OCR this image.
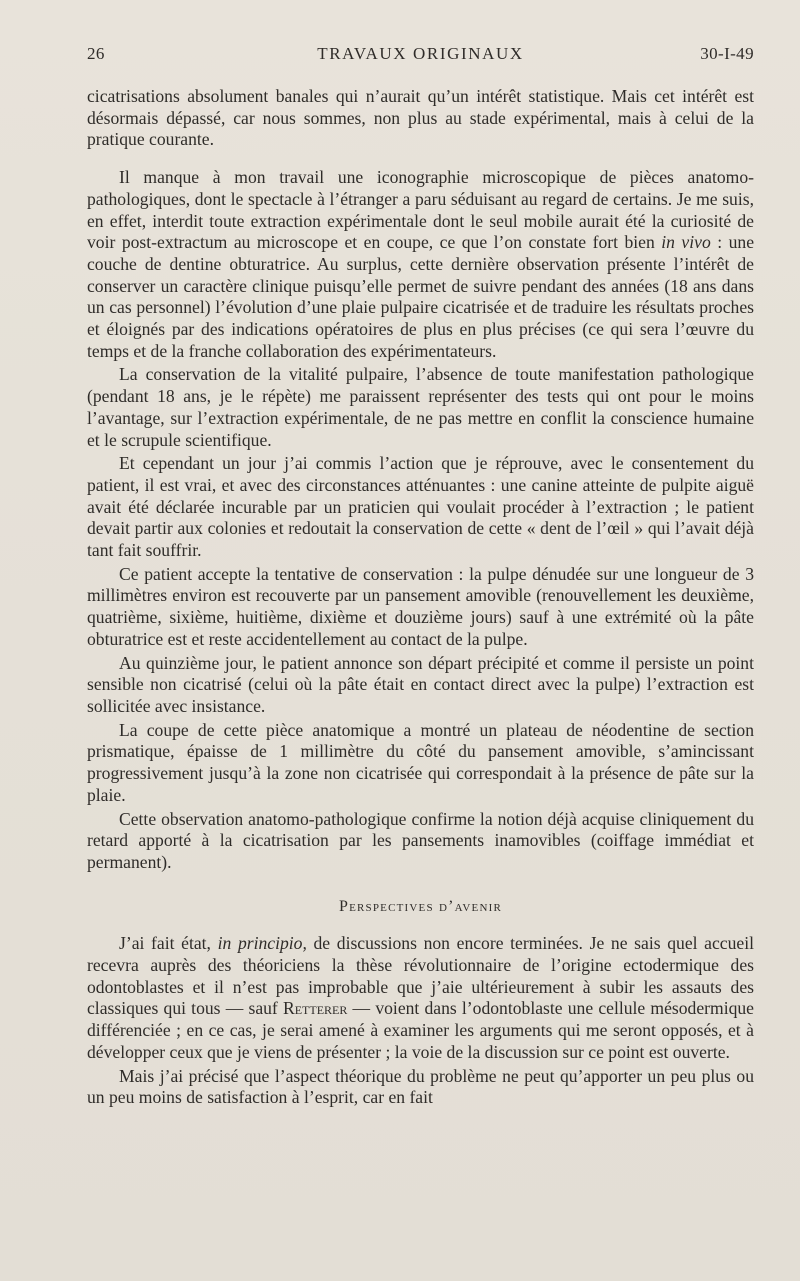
26	TRAVAUX ORIGINAUX	30-I-49

cicatrisations absolument banales qui n’aurait qu’un intérêt statistique. Mais cet intérêt est désormais dépassé, car nous sommes, non plus au stade expérimental, mais à celui de la pratique courante.

Il manque à mon travail une iconographie microscopique de pièces anatomo-pathologiques, dont le spectacle à l’étranger a paru séduisant au regard de certains. Je me suis, en effet, interdit toute extraction expérimentale dont le seul mobile aurait été la curiosité de voir post-extractum au microscope et en coupe, ce que l’on constate fort bien in vivo : une couche de dentine obturatrice. Au surplus, cette dernière observation présente l’intérêt de conserver un caractère clinique puisqu’elle permet de suivre pendant des années (18 ans dans un cas personnel) l’évolution d’une plaie pulpaire cicatrisée et de traduire les résultats proches et éloignés par des indications opératoires de plus en plus précises (ce qui sera l’œuvre du temps et de la franche collaboration des expérimentateurs.

La conservation de la vitalité pulpaire, l’absence de toute manifestation pathologique (pendant 18 ans, je le répète) me paraissent représenter des tests qui ont pour le moins l’avantage, sur l’extraction expérimentale, de ne pas mettre en conflit la conscience humaine et le scrupule scientifique.

Et cependant un jour j’ai commis l’action que je réprouve, avec le consentement du patient, il est vrai, et avec des circonstances atténuantes : une canine atteinte de pulpite aiguë avait été déclarée incurable par un praticien qui voulait procéder à l’extraction ; le patient devait partir aux colonies et redoutait la conservation de cette « dent de l’œil » qui l’avait déjà tant fait souffrir.

Ce patient accepte la tentative de conservation : la pulpe dénudée sur une longueur de 3 millimètres environ est recouverte par un pansement amovible (renouvellement les deuxième, quatrième, sixième, huitième, dixième et douzième jours) sauf à une extrémité où la pâte obturatrice est et reste accidentellement au contact de la pulpe.

Au quinzième jour, le patient annonce son départ précipité et comme il persiste un point sensible non cicatrisé (celui où la pâte était en contact direct avec la pulpe) l’extraction est sollicitée avec insistance.

La coupe de cette pièce anatomique a montré un plateau de néodentine de section prismatique, épaisse de 1 millimètre du côté du pansement amovible, s’amincissant progressivement jusqu’à la zone non cicatrisée qui correspondait à la présence de pâte sur la plaie.

Cette observation anatomo-pathologique confirme la notion déjà acquise cliniquement du retard apporté à la cicatrisation par les pansements inamovibles (coiffage immédiat et permanent).

Perspectives d’avenir

J’ai fait état, in principio, de discussions non encore terminées. Je ne sais quel accueil recevra auprès des théoriciens la thèse révolutionnaire de l’origine ectodermique des odontoblastes et il n’est pas improbable que j’aie ultérieurement à subir les assauts des classiques qui tous — sauf Retterer — voient dans l’odontoblaste une cellule mésodermique différenciée ; en ce cas, je serai amené à examiner les arguments qui me seront opposés, et à développer ceux que je viens de présenter ; la voie de la discussion sur ce point est ouverte.

Mais j’ai précisé que l’aspect théorique du problème ne peut qu’apporter un peu plus ou un peu moins de satisfaction à l’esprit, car en fait
